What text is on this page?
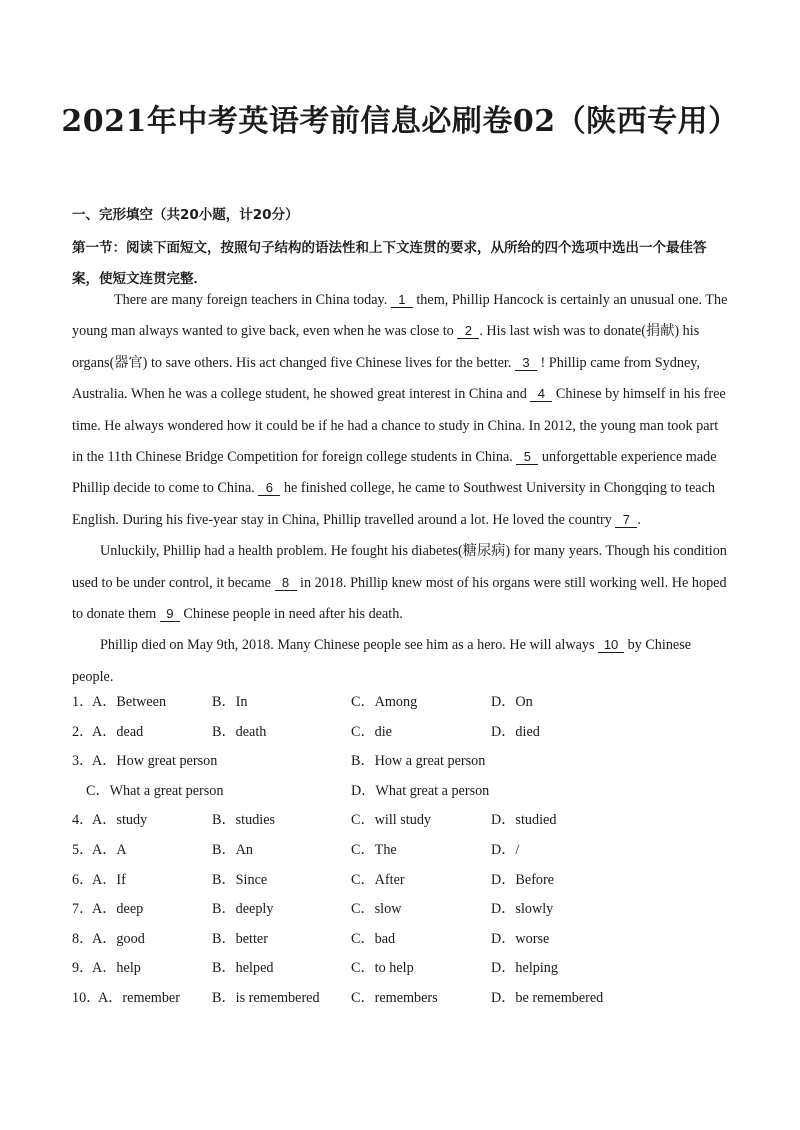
2021年中考英语考前信息必刷卷02（陕西专用）
一、完形填空（共20小题，计20分）
第一节：阅读下面短文，按照句子结构的语法性和上下文连贯的要求，从所给的四个选项中选出一个最佳答案，使短文连贯完整．
There are many foreign teachers in China today. 1 them, Phillip Hancock is certainly an unusual one. The
young man always wanted to give back, even when he was close to 2 . His last wish was to donate(捐献) his
organs(器官) to save others. His act changed five Chinese lives for the better. 3 ! Phillip came from Sydney,
Australia. When he was a college student, he showed great interest in China and 4 Chinese by himself in his free
time. He always wondered how it could be if he had a chance to study in China. In 2012, the young man took part
in the 11th Chinese Bridge Competition for foreign college students in China. 5 unforgettable experience made
Phillip decide to come to China. 6 he finished college, he came to Southwest University in Chongqing to teach
English. During his five-year stay in China, Phillip travelled around a lot. He loved the country 7 .
Unluckily, Phillip had a health problem. He fought his diabetes(糖尿病) for many years. Though his condition
used to be under control, it became 8 in 2018. Phillip knew most of his organs were still working well. He hoped
to donate them 9 Chinese people in need after his death.
Phillip died on May 9th, 2018. Many Chinese people see him as a hero. He will always 10 by Chinese
people.
1．
A．Between	B．In	C．Among	D．On
2．
A．dead	B．death	C．die	D．died
3．
A．How great person	B．How a great person
C．What a great person	D．What great a person
4．
A．study	B．studies	C．will study	D．studied
5．
A．A	B．An	C．The	D．/
6．
A．If	B．Since	C．After	D．Before
7．
A．deep	B．deeply	C．slow	D．slowly
8．
A．good	B．better	C．bad	D．worse
9．
A．help	B．helped	C．to help	D．helping
10．
A．remember B．is remembered C．remembers	D．be remembered
